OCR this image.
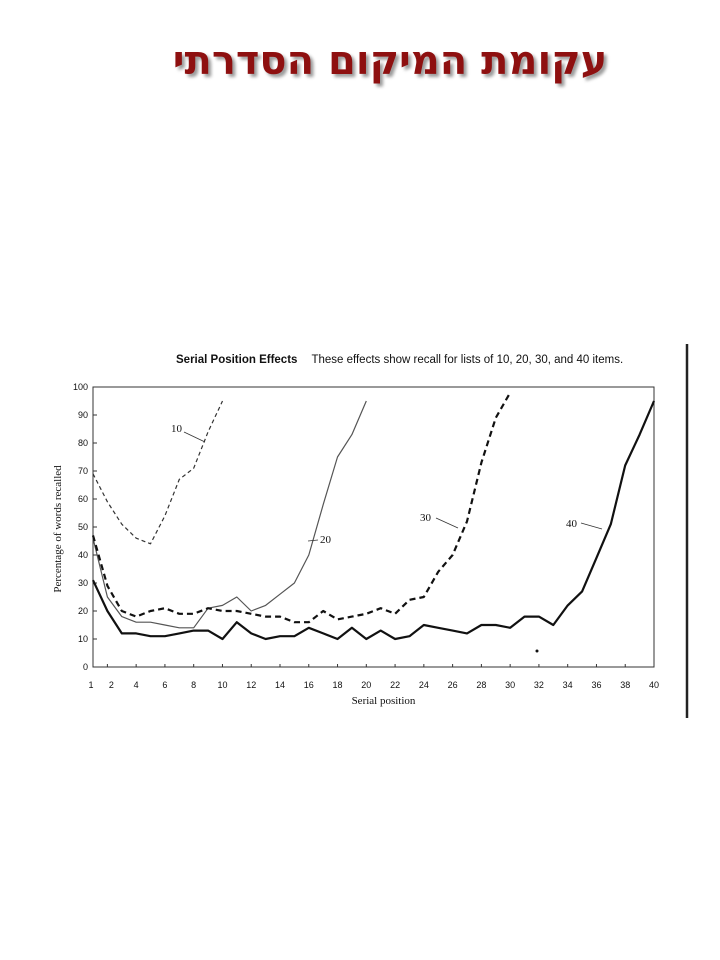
עקומת המיקום הסדרתי
Serial Position Effects These effects show recall for lists of 10, 20, 30, and 40 items.
0
10
20
30
40
50
60
70
80
90
100
1 2 4	6	8 10 12 14 16 18 20 22 24 26 28 30 32 34 36 38 40
10
20
30	40
Percentage of words recalled
Serial position
